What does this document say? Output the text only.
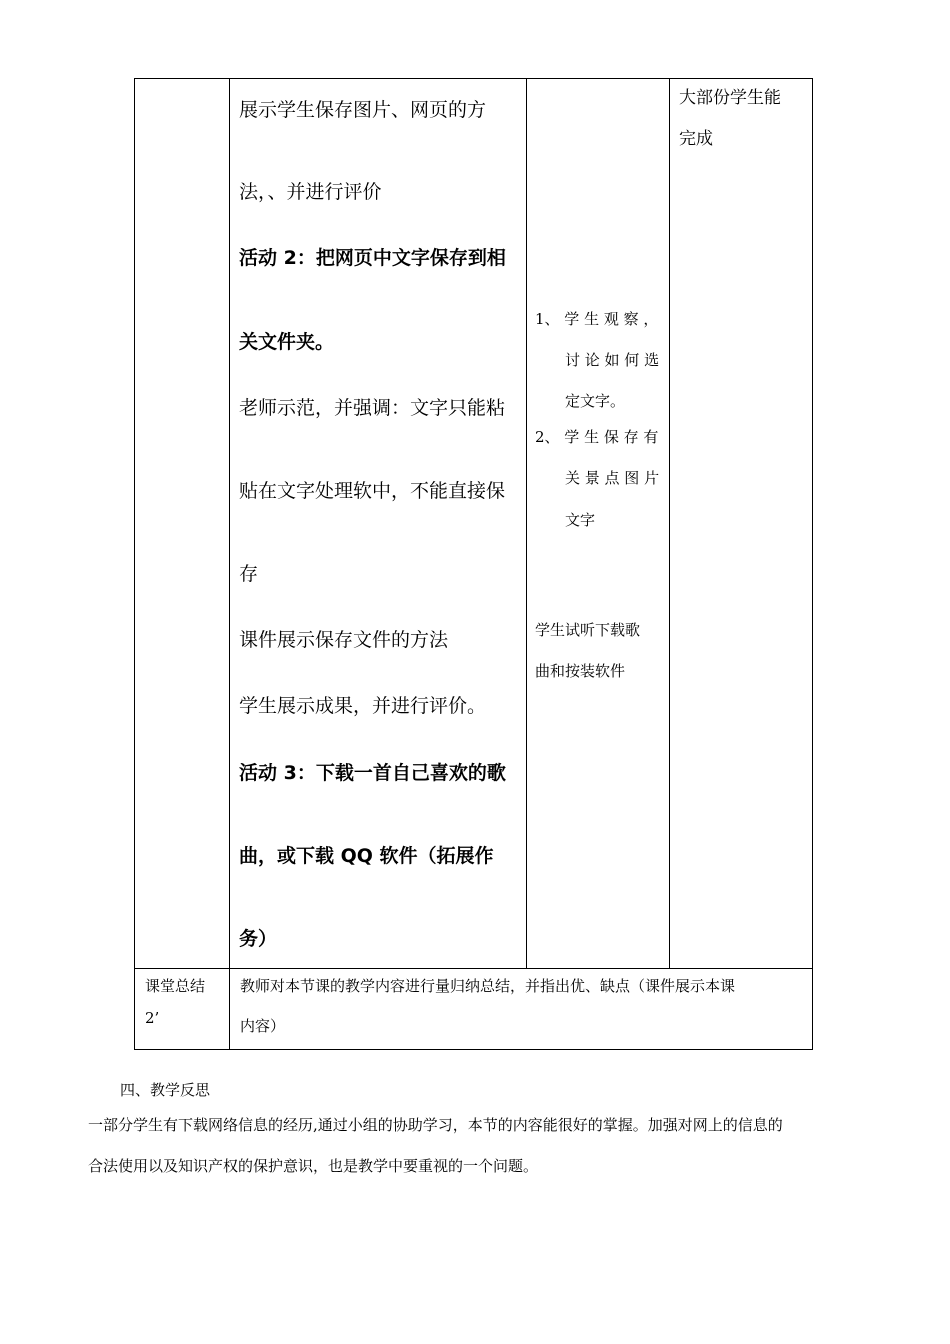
展示学生保存图片、网页的方
法，、并进行评价
活动 2：把网页中文字保存到相
关文件夹。
老师示范，并强调：文字只能粘
贴在文字处理软中，不能直接保
存
课件展示保存文件的方法
学生展示成果，并进行评价。
活动 3：下载一首自己喜欢的歌
曲，或下载 QQ 软件（拓展作
务）
1、 学 生 观 察 ，
讨 论 如 何 选
定文字。
2、 学 生 保 存 有
关 景 点 图 片
文字
学生试听下载歌
曲和按装软件
大部份学生能
完成
课堂总结
2’
教师对本节课的教学内容进行量归纳总结，并指出优、缺点（课件展示本课
内容）
四、教学反思
一部分学生有下载网络信息的经历,通过小组的协助学习，本节的内容能很好的掌握。加强对网上的信息的
合法使用以及知识产权的保护意识，也是教学中要重视的一个问题。
